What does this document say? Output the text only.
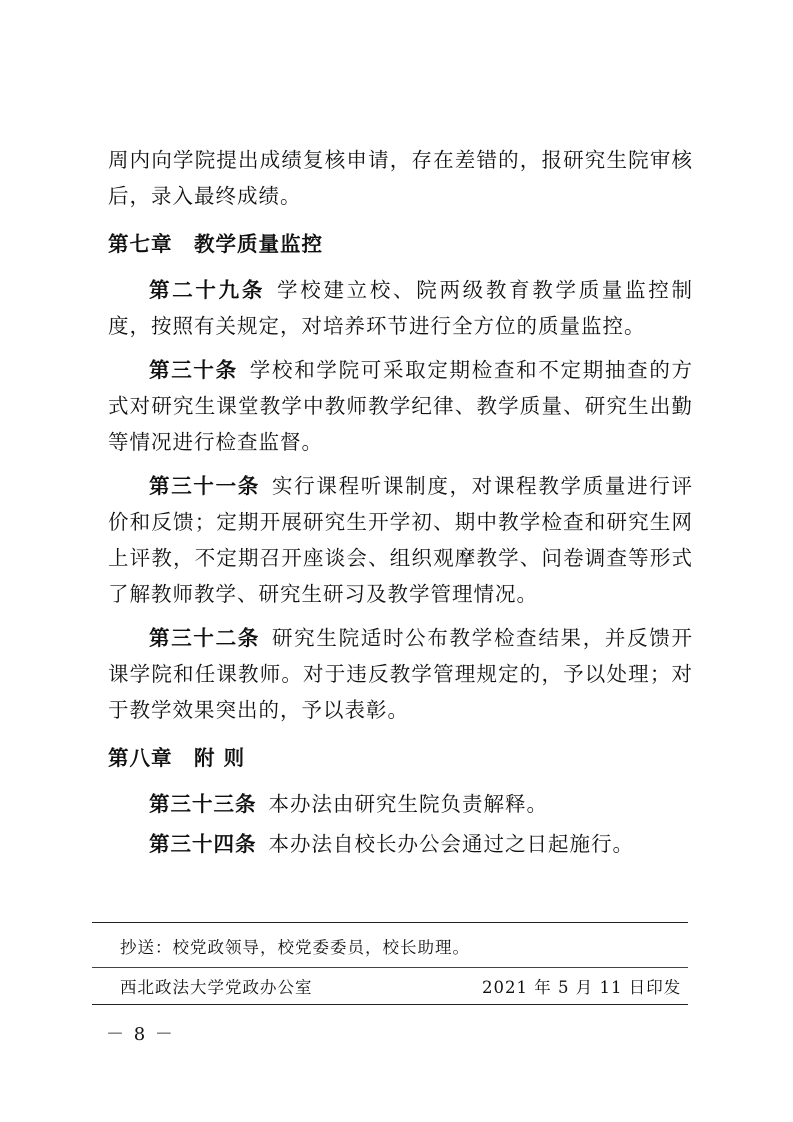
周内向学院提出成绩复核申请，存在差错的，报研究生院审核后，录入最终成绩。

第七章　教学质量监控

第二十九条 学校建立校、院两级教育教学质量监控制度，按照有关规定，对培养环节进行全方位的质量监控。

第三十条 学校和学院可采取定期检查和不定期抽查的方式对研究生课堂教学中教师教学纪律、教学质量、研究生出勤等情况进行检查监督。

第三十一条 实行课程听课制度，对课程教学质量进行评价和反馈；定期开展研究生开学初、期中教学检查和研究生网上评教，不定期召开座谈会、组织观摩教学、问卷调查等形式了解教师教学、研究生研习及教学管理情况。

第三十二条 研究生院适时公布教学检查结果，并反馈开课学院和任课教师。对于违反教学管理规定的，予以处理；对于教学效果突出的，予以表彰。

第八章　附 则

第三十三条 本办法由研究生院负责解释。

第三十四条 本办法自校长办公会通过之日起施行。

抄送：校党政领导，校党委委员，校长助理。
西北政法大学党政办公室	2021 年 5 月 11 日印发
－ 8 －
